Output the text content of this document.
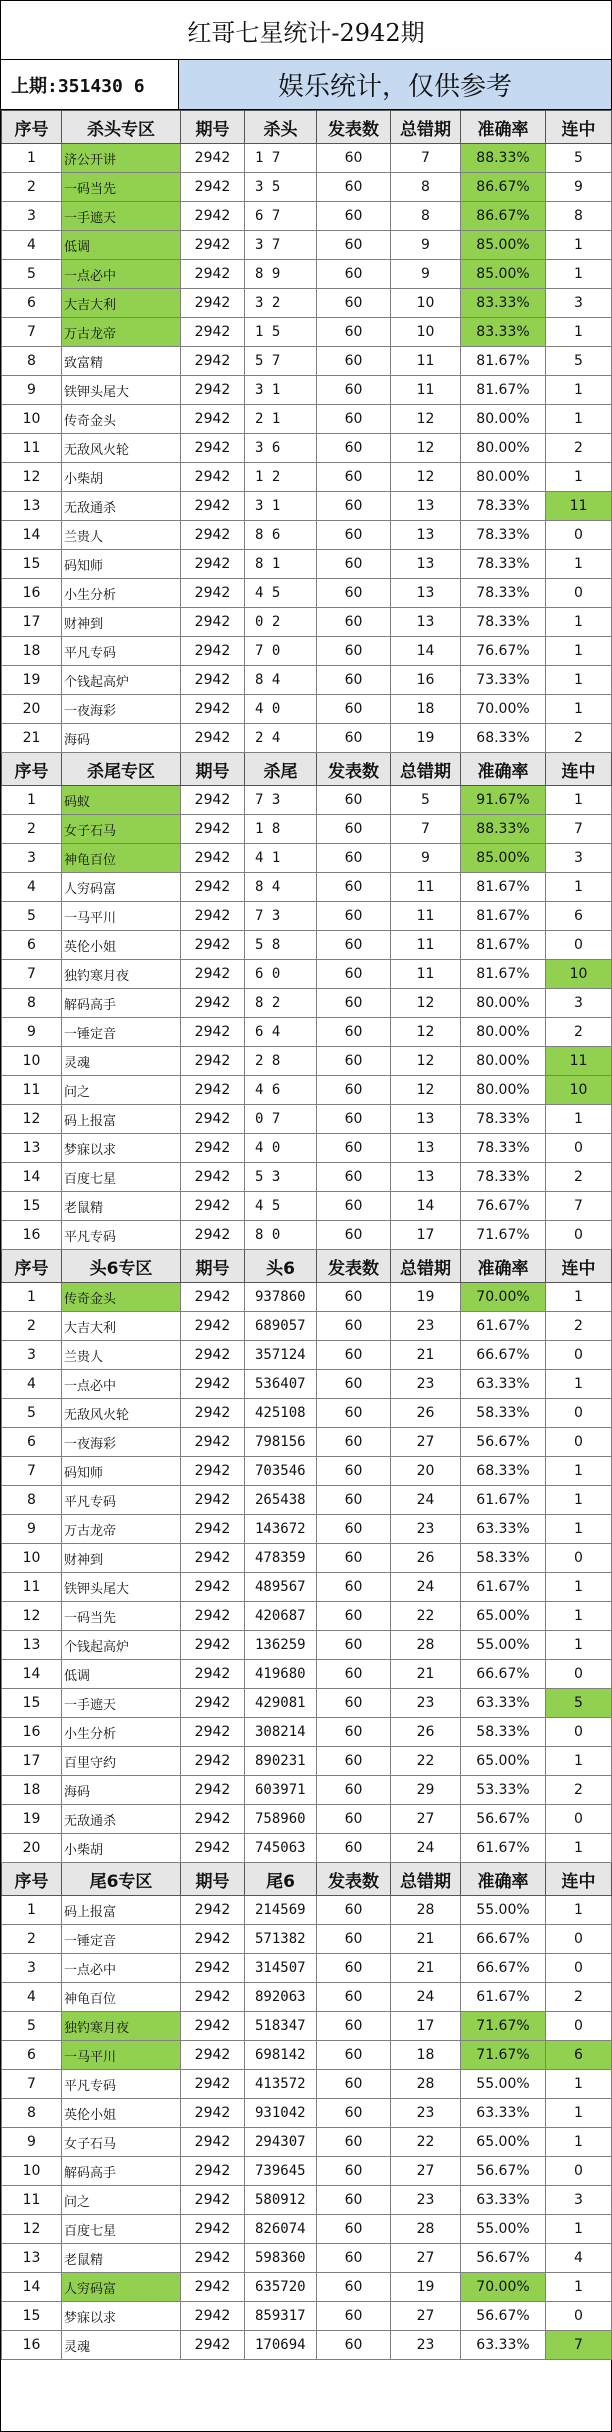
红哥七星统计-2942期
上期:351430 6	娱乐统计，仅供参考
序号	杀头专区	期号	杀头	发表数	总错期	准确率	连中
1	济公开讲	2942	1 7	60	7	88.33%	5
2	一码当先	2942	3 5	60	8	86.67%	9
3	一手遮天	2942	6 7	60	8	86.67%	8
4	低调	2942	3 7	60	9	85.00%	1
5	一点必中	2942	8 9	60	9	85.00%	1
6	大吉大利	2942	3 2	60	10	83.33%	3
7	万古龙帝	2942	1 5	60	10	83.33%	1
8	致富精	2942	5 7	60	11	81.67%	5
9	铁钾头尾大	2942	3 1	60	11	81.67%	1
10	传奇金头	2942	2 1	60	12	80.00%	1
11	无敌风火轮	2942	3 6	60	12	80.00%	2
12	小柴胡	2942	1 2	60	12	80.00%	1
13	无敌通杀	2942	3 1	60	13	78.33%	11
14	兰贵人	2942	8 6	60	13	78.33%	0
15	码知师	2942	8 1	60	13	78.33%	1
16	小生分析	2942	4 5	60	13	78.33%	0
17	财神到	2942	0 2	60	13	78.33%	1
18	平凡专码	2942	7 0	60	14	76.67%	1
19	个钱起高炉	2942	8 4	60	16	73.33%	1
20	一夜海彩	2942	4 0	60	18	70.00%	1
21	海码	2942	2 4	60	19	68.33%	2
序号	杀尾专区	期号	杀尾	发表数	总错期	准确率	连中
1	码蚁	2942	7 3	60	5	91.67%	1
2	女子石马	2942	1 8	60	7	88.33%	7
3	神龟百位	2942	4 1	60	9	85.00%	3
4	人穷码富	2942	8 4	60	11	81.67%	1
5	一马平川	2942	7 3	60	11	81.67%	6
6	英伦小姐	2942	5 8	60	11	81.67%	0
7	独钓寒月夜	2942	6 0	60	11	81.67%	10
8	解码高手	2942	8 2	60	12	80.00%	3
9	一锤定音	2942	6 4	60	12	80.00%	2
10	灵魂	2942	2 8	60	12	80.00%	11
11	问之	2942	4 6	60	12	80.00%	10
12	码上报富	2942	0 7	60	13	78.33%	1
13	梦寐以求	2942	4 0	60	13	78.33%	0
14	百度七星	2942	5 3	60	13	78.33%	2
15	老鼠精	2942	4 5	60	14	76.67%	7
16	平凡专码	2942	8 0	60	17	71.67%	0
序号	头6专区	期号	头6	发表数	总错期	准确率	连中
1	传奇金头	2942	937860	60	19	70.00%	1
2	大吉大利	2942	689057	60	23	61.67%	2
3	兰贵人	2942	357124	60	21	66.67%	0
4	一点必中	2942	536407	60	23	63.33%	1
5	无敌风火轮	2942	425108	60	26	58.33%	0
6	一夜海彩	2942	798156	60	27	56.67%	0
7	码知师	2942	703546	60	20	68.33%	1
8	平凡专码	2942	265438	60	24	61.67%	1
9	万古龙帝	2942	143672	60	23	63.33%	1
10	财神到	2942	478359	60	26	58.33%	0
11	铁钾头尾大	2942	489567	60	24	61.67%	1
12	一码当先	2942	420687	60	22	65.00%	1
13	个钱起高炉	2942	136259	60	28	55.00%	1
14	低调	2942	419680	60	21	66.67%	0
15	一手遮天	2942	429081	60	23	63.33%	5
16	小生分析	2942	308214	60	26	58.33%	0
17	百里守约	2942	890231	60	22	65.00%	1
18	海码	2942	603971	60	29	53.33%	2
19	无敌通杀	2942	758960	60	27	56.67%	0
20	小柴胡	2942	745063	60	24	61.67%	1
序号	尾6专区	期号	尾6	发表数	总错期	准确率	连中
1	码上报富	2942	214569	60	28	55.00%	1
2	一锤定音	2942	571382	60	21	66.67%	0
3	一点必中	2942	314507	60	21	66.67%	0
4	神龟百位	2942	892063	60	24	61.67%	2
5	独钓寒月夜	2942	518347	60	17	71.67%	0
6	一马平川	2942	698142	60	18	71.67%	6
7	平凡专码	2942	413572	60	28	55.00%	1
8	英伦小姐	2942	931042	60	23	63.33%	1
9	女子石马	2942	294307	60	22	65.00%	1
10	解码高手	2942	739645	60	27	56.67%	0
11	问之	2942	580912	60	23	63.33%	3
12	百度七星	2942	826074	60	28	55.00%	1
13	老鼠精	2942	598360	60	27	56.67%	4
14	人穷码富	2942	635720	60	19	70.00%	1
15	梦寐以求	2942	859317	60	27	56.67%	0
16	灵魂	2942	170694	60	23	63.33%	7
